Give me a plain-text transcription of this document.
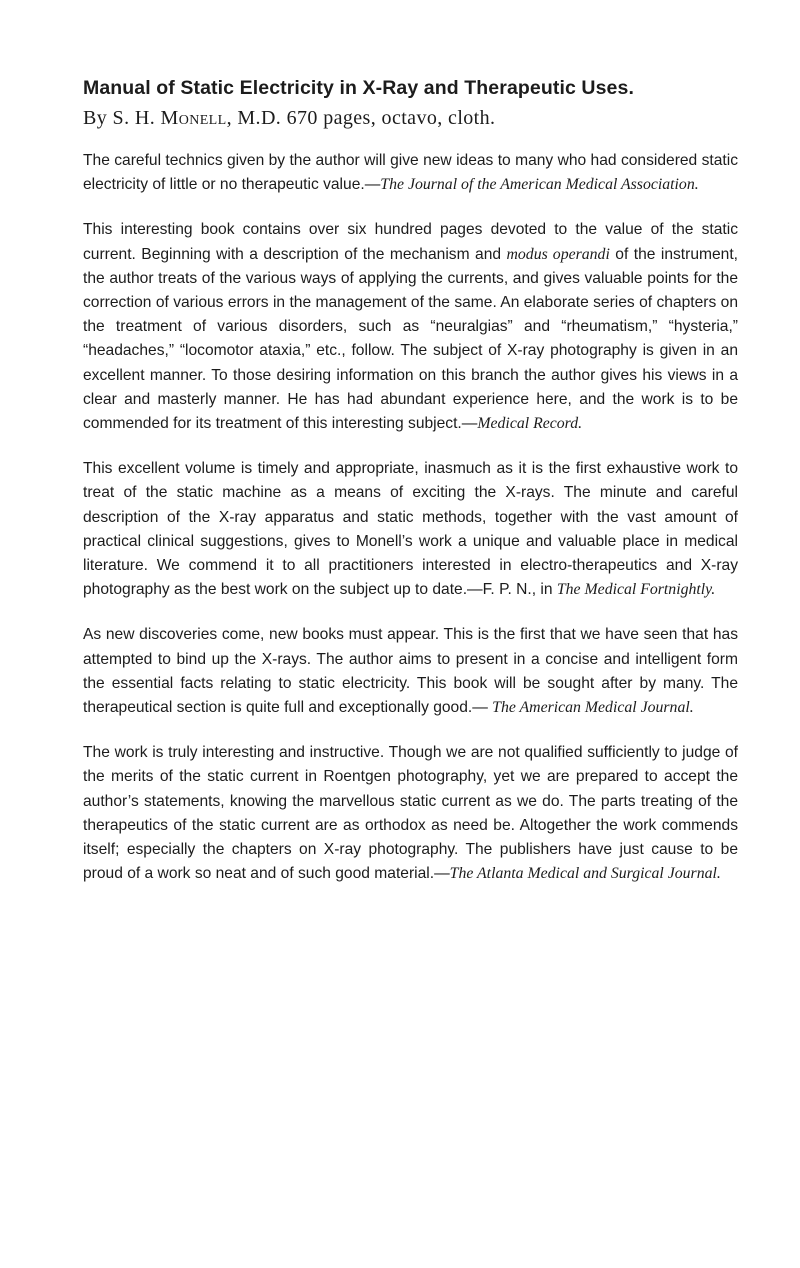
Manual of Static Electricity in X-Ray and Therapeutic Uses.

By S. H. Monell, M.D. 670 pages, octavo, cloth.

The careful technics given by the author will give new ideas to many who had considered static electricity of little or no therapeutic value.—The Journal of the American Medical Association.

This interesting book contains over six hundred pages devoted to the value of the static current. Beginning with a description of the mechanism and modus operandi of the instrument, the author treats of the various ways of applying the currents, and gives valuable points for the correction of various errors in the management of the same. An elaborate series of chapters on the treatment of various disorders, such as “neuralgias” and “rheumatism,” “hysteria,” “headaches,” “locomotor ataxia,” etc., follow. The subject of X-ray photography is given in an excellent manner. To those desiring information on this branch the author gives his views in a clear and masterly manner. He has had abundant experience here, and the work is to be commended for its treatment of this interesting subject.—Medical Record.

This excellent volume is timely and appropriate, inasmuch as it is the first exhaustive work to treat of the static machine as a means of exciting the X-rays. The minute and careful description of the X-ray apparatus and static methods, together with the vast amount of practical clinical suggestions, gives to Monell’s work a unique and valuable place in medical literature. We commend it to all practitioners interested in electro-therapeutics and X-ray photography as the best work on the subject up to date.—F. P. N., in The Medical Fortnightly.

As new discoveries come, new books must appear. This is the first that we have seen that has attempted to bind up the X-rays. The author aims to present in a concise and intelligent form the essential facts relating to static electricity. This book will be sought after by many. The therapeutical section is quite full and exceptionally good.— The American Medical Journal.

The work is truly interesting and instructive. Though we are not qualified sufficiently to judge of the merits of the static current in Roentgen photography, yet we are prepared to accept the author’s statements, knowing the marvellous static current as we do. The parts treating of the therapeutics of the static current are as orthodox as need be. Altogether the work commends itself; especially the chapters on X-ray photography. The publishers have just cause to be proud of a work so neat and of such good material.—The Atlanta Medical and Surgical Journal.
